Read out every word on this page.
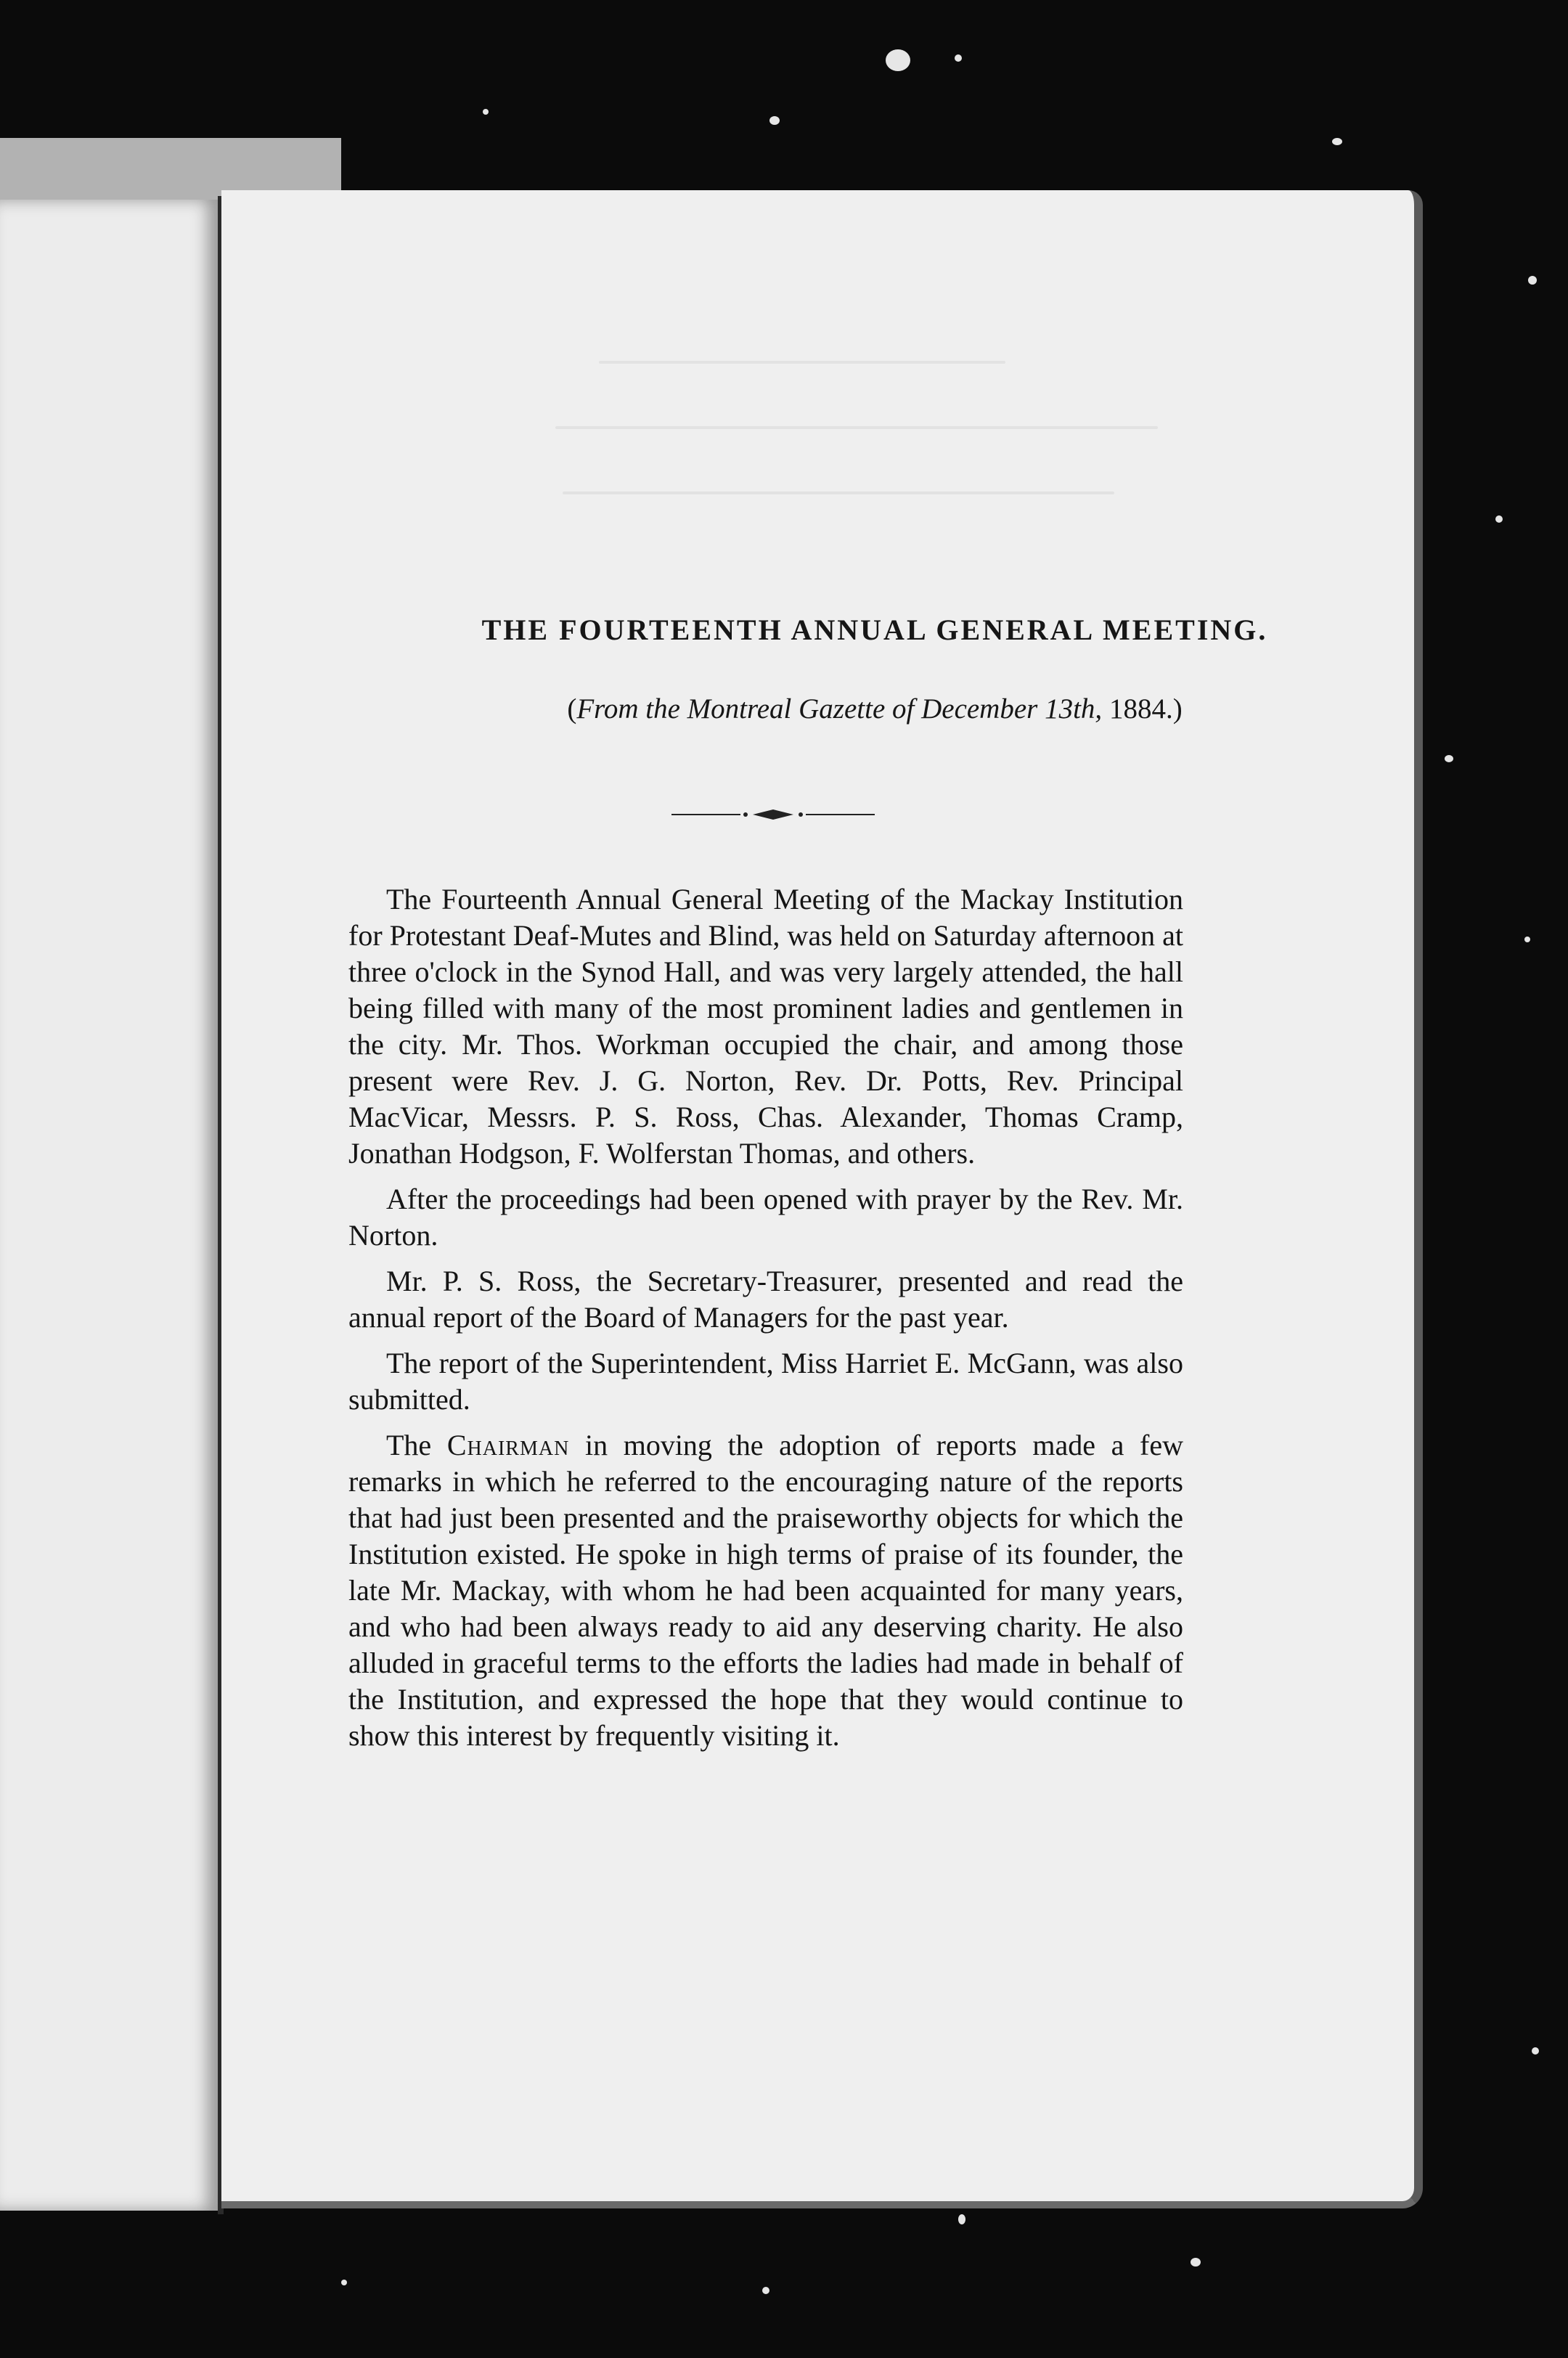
THE FOURTEENTH ANNUAL GENERAL MEETING.

(From the Montreal Gazette of December 13th, 1884.)

The Fourteenth Annual General Meeting of the Mackay Institution for Protestant Deaf-Mutes and Blind, was held on Saturday afternoon at three o'clock in the Synod Hall, and was very largely attended, the hall being filled with many of the most prominent ladies and gentlemen in the city. Mr. Thos. Workman occupied the chair, and among those present were Rev. J. G. Norton, Rev. Dr. Potts, Rev. Principal MacVicar, Messrs. P. S. Ross, Chas. Alexander, Thomas Cramp, Jonathan Hodgson, F. Wolferstan Thomas, and others.

After the proceedings had been opened with prayer by the Rev. Mr. Norton.

Mr. P. S. Ross, the Secretary-Treasurer, presented and read the annual report of the Board of Managers for the past year.

The report of the Superintendent, Miss Harriet E. McGann, was also submitted.

The Chairman in moving the adoption of reports made a few remarks in which he referred to the encouraging nature of the reports that had just been presented and the praiseworthy objects for which the Institution existed. He spoke in high terms of praise of its founder, the late Mr. Mackay, with whom he had been acquainted for many years, and who had been always ready to aid any deserving charity. He also alluded in graceful terms to the efforts the ladies had made in behalf of the Institution, and expressed the hope that they would continue to show this interest by frequently visiting it.
